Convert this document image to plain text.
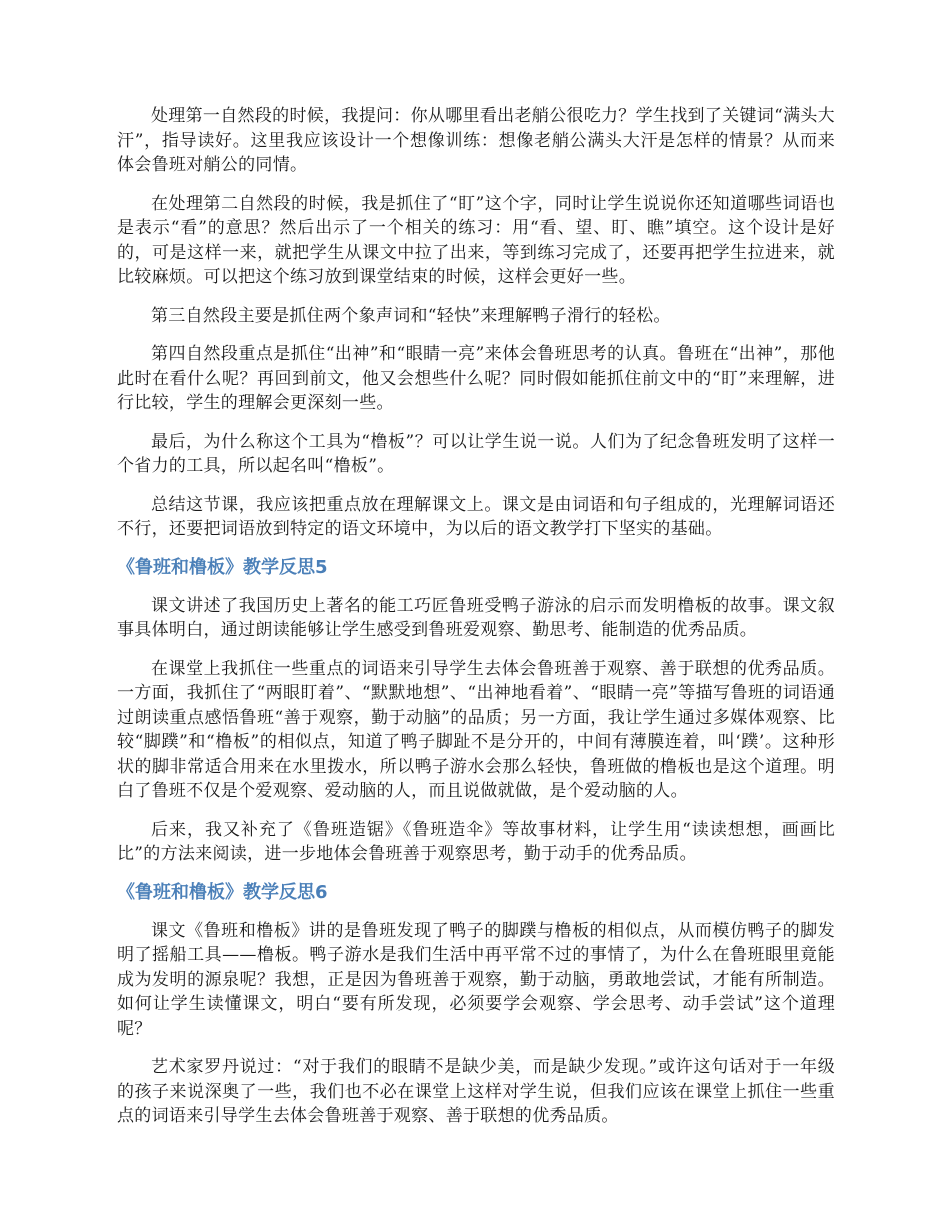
处理第一自然段的时候，我提问：你从哪里看出老艄公很吃力？学生找到了关键词“满头大汗”，指导读好。这里我应该设计一个想像训练：想像老艄公满头大汗是怎样的情景？从而来体会鲁班对艄公的同情。

在处理第二自然段的时候，我是抓住了“盯”这个字，同时让学生说说你还知道哪些词语也是表示“看”的意思？然后出示了一个相关的练习：用“看、望、盯、瞧”填空。这个设计是好的，可是这样一来，就把学生从课文中拉了出来，等到练习完成了，还要再把学生拉进来，就比较麻烦。可以把这个练习放到课堂结束的时候，这样会更好一些。

第三自然段主要是抓住两个象声词和“轻快”来理解鸭子滑行的轻松。

第四自然段重点是抓住“出神”和“眼睛一亮”来体会鲁班思考的认真。鲁班在“出神”，那他此时在看什么呢？再回到前文，他又会想些什么呢？同时假如能抓住前文中的“盯”来理解，进行比较，学生的理解会更深刻一些。

最后，为什么称这个工具为“橹板”？可以让学生说一说。人们为了纪念鲁班发明了这样一个省力的工具，所以起名叫“橹板”。

总结这节课，我应该把重点放在理解课文上。课文是由词语和句子组成的，光理解词语还不行，还要把词语放到特定的语文环境中，为以后的语文教学打下坚实的基础。

《鲁班和橹板》教学反思5

课文讲述了我国历史上著名的能工巧匠鲁班受鸭子游泳的启示而发明橹板的故事。课文叙事具体明白，通过朗读能够让学生感受到鲁班爱观察、勤思考、能制造的优秀品质。

在课堂上我抓住一些重点的词语来引导学生去体会鲁班善于观察、善于联想的优秀品质。一方面，我抓住了“两眼盯着”、“默默地想”、“出神地看着”、“眼睛一亮”等描写鲁班的词语通过朗读重点感悟鲁班“善于观察，勤于动脑”的品质；另一方面，我让学生通过多媒体观察、比较“脚蹼”和“橹板”的相似点，知道了鸭子脚趾不是分开的，中间有薄膜连着，叫‘蹼’。这种形状的脚非常适合用来在水里拨水，所以鸭子游水会那么轻快，鲁班做的橹板也是这个道理。明白了鲁班不仅是个爱观察、爱动脑的人，而且说做就做，是个爱动脑的人。

后来，我又补充了《鲁班造锯》《鲁班造伞》等故事材料，让学生用“读读想想，画画比比”的方法来阅读，进一步地体会鲁班善于观察思考，勤于动手的优秀品质。

《鲁班和橹板》教学反思6

课文《鲁班和橹板》讲的是鲁班发现了鸭子的脚蹼与橹板的相似点，从而模仿鸭子的脚发明了摇船工具——橹板。鸭子游水是我们生活中再平常不过的事情了，为什么在鲁班眼里竟能成为发明的源泉呢？我想，正是因为鲁班善于观察，勤于动脑，勇敢地尝试，才能有所制造。如何让学生读懂课文，明白“要有所发现，必须要学会观察、学会思考、动手尝试”这个道理呢？

艺术家罗丹说过：“对于我们的眼睛不是缺少美，而是缺少发现。”或许这句话对于一年级的孩子来说深奥了一些，我们也不必在课堂上这样对学生说，但我们应该在课堂上抓住一些重点的词语来引导学生去体会鲁班善于观察、善于联想的优秀品质。
